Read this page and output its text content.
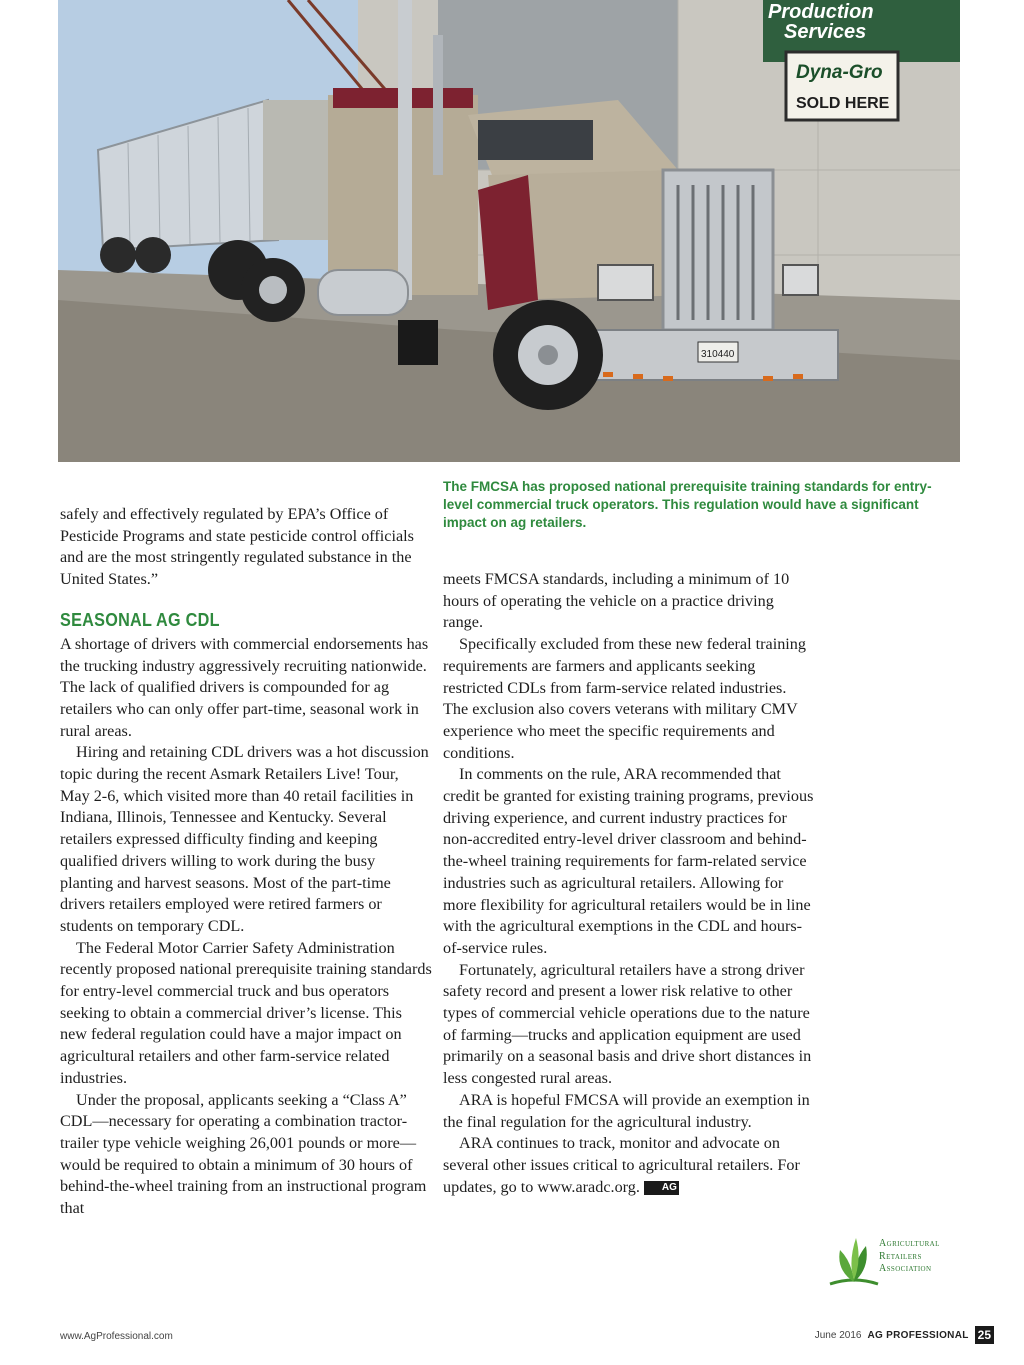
Production
Services
Dyna-Gro
SOLD HERE
310440
The FMCSA has proposed national prerequisite training standards for entry-level commercial truck operators. This regulation would have a significant impact on ag retailers.

safely and effectively regulated by EPA’s Office of Pesticide Programs and state pesticide control officials and are the most stringently regulated substance in the United States.”

SEASONAL AG CDL

A shortage of drivers with commercial endorsements has the trucking industry aggressively recruiting nationwide. The lack of qualified drivers is compounded for ag retailers who can only offer part-time, seasonal work in rural areas.

Hiring and retaining CDL drivers was a hot discussion topic during the recent Asmark Retailers Live! Tour, May 2-6, which visited more than 40 retail facilities in Indiana, Illinois, Tennessee and Kentucky. Several retailers expressed difficulty finding and keeping qualified drivers willing to work during the busy planting and harvest seasons. Most of the part-time drivers retailers employed were retired farmers or students on temporary CDL.

The Federal Motor Carrier Safety Administration recently proposed national prerequisite training standards for entry-level commercial truck and bus operators seeking to obtain a commercial driver’s license. This new federal regulation could have a major impact on agricultural retailers and other farm-service related industries.

Under the proposal, applicants seeking a “Class A” CDL—necessary for operating a combination tractor-trailer type vehicle weighing 26,001 pounds or more—would be required to obtain a minimum of 30 hours of behind-the-wheel training from an instructional program that

meets FMCSA standards, including a minimum of 10 hours of operating the vehicle on a practice driving range.

Specifically excluded from these new federal training requirements are farmers and applicants seeking restricted CDLs from farm-service related industries. The exclusion also covers veterans with military CMV experience who meet the specific requirements and conditions.

In comments on the rule, ARA recommended that credit be granted for existing training programs, previous driving experience, and current industry practices for non-accredited entry-level driver classroom and behind-the-wheel training requirements for farm-related service industries such as agricultural retailers. Allowing for more flexibility for agricultural retailers would be in line with the agricultural exemptions in the CDL and hours-of-service rules.

Fortunately, agricultural retailers have a strong driver safety record and present a lower risk relative to other types of commercial vehicle operations due to the nature of farming—trucks and application equipment are used primarily on a seasonal basis and drive short distances in less congested rural areas.

ARA is hopeful FMCSA will provide an exemption in the final regulation for the agricultural industry.

ARA continues to track, monitor and advocate on several other issues critical to agricultural retailers. For updates, go to www.aradc.org. AG

Agricultural
Retailers
Association
www.AgProfessional.com	June 2016 AG PROFESSIONAL 25
